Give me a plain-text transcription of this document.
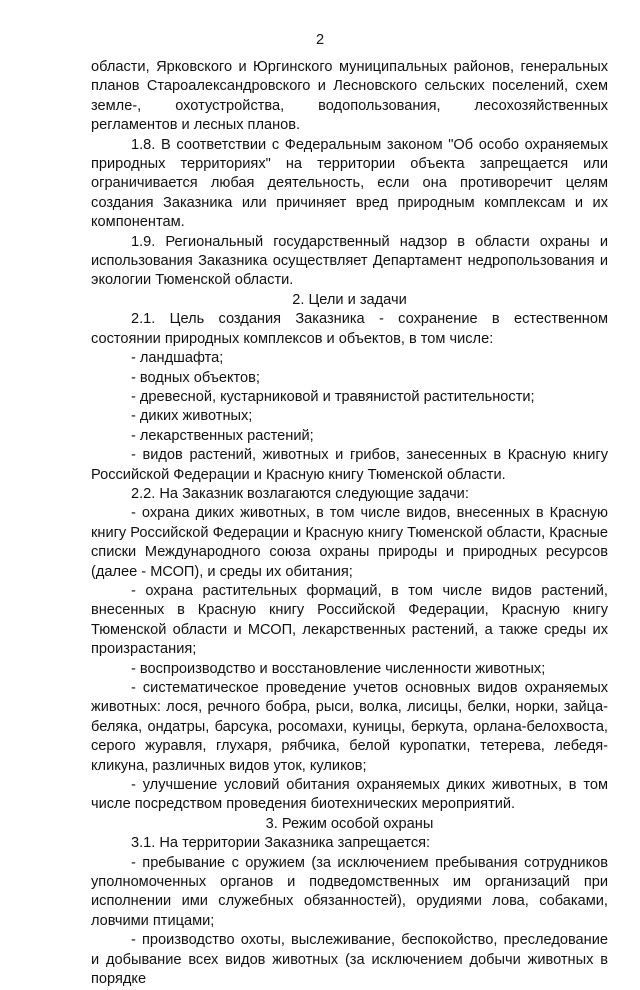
2

области, Ярковского и Юргинского муниципальных районов, генеральных планов Староалександровского и Лесновского сельских поселений, схем земле-, охотустройства, водопользования, лесохозяйственных регламентов и лесных планов.

1.8. В соответствии с Федеральным законом "Об особо охраняемых природных территориях" на территории объекта запрещается или ограничивается любая деятельность, если она противоречит целям создания Заказника или причиняет вред природным комплексам и их компонентам.

1.9. Региональный государственный надзор в области охраны и использования Заказника осуществляет Департамент недропользования и экологии Тюменской области.

2. Цели и задачи

2.1. Цель создания Заказника - сохранение в естественном состоянии природных комплексов и объектов, в том числе:

- ландшафта;

- водных объектов;

- древесной, кустарниковой и травянистой растительности;

- диких животных;

- лекарственных растений;

- видов растений, животных и грибов, занесенных в Красную книгу Российской Федерации и Красную книгу Тюменской области.

2.2. На Заказник возлагаются следующие задачи:

- охрана диких животных, в том числе видов, внесенных в Красную книгу Российской Федерации и Красную книгу Тюменской области, Красные списки Международного союза охраны природы и природных ресурсов (далее - МСОП), и среды их обитания;

- охрана растительных формаций, в том числе видов растений, внесенных в Красную книгу Российской Федерации, Красную книгу Тюменской области и МСОП, лекарственных растений, а также среды их произрастания;

- воспроизводство и восстановление численности животных;

- систематическое проведение учетов основных видов охраняемых животных: лося, речного бобра, рыси, волка, лисицы, белки, норки, зайца-беляка, ондатры, барсука, росомахи, куницы, беркута, орлана-белохвоста, серого журавля, глухаря, рябчика, белой куропатки, тетерева, лебедя-кликуна, различных видов уток, куликов;

- улучшение условий обитания охраняемых диких животных, в том числе посредством проведения биотехнических мероприятий.

3. Режим особой охраны

3.1. На территории Заказника запрещается:

- пребывание с оружием (за исключением пребывания сотрудников уполномоченных органов и подведомственных им организаций при исполнении ими служебных обязанностей), орудиями лова, собаками, ловчими птицами;

- производство охоты, выслеживание, беспокойство, преследование и добывание всех видов животных (за исключением добычи животных в порядке
